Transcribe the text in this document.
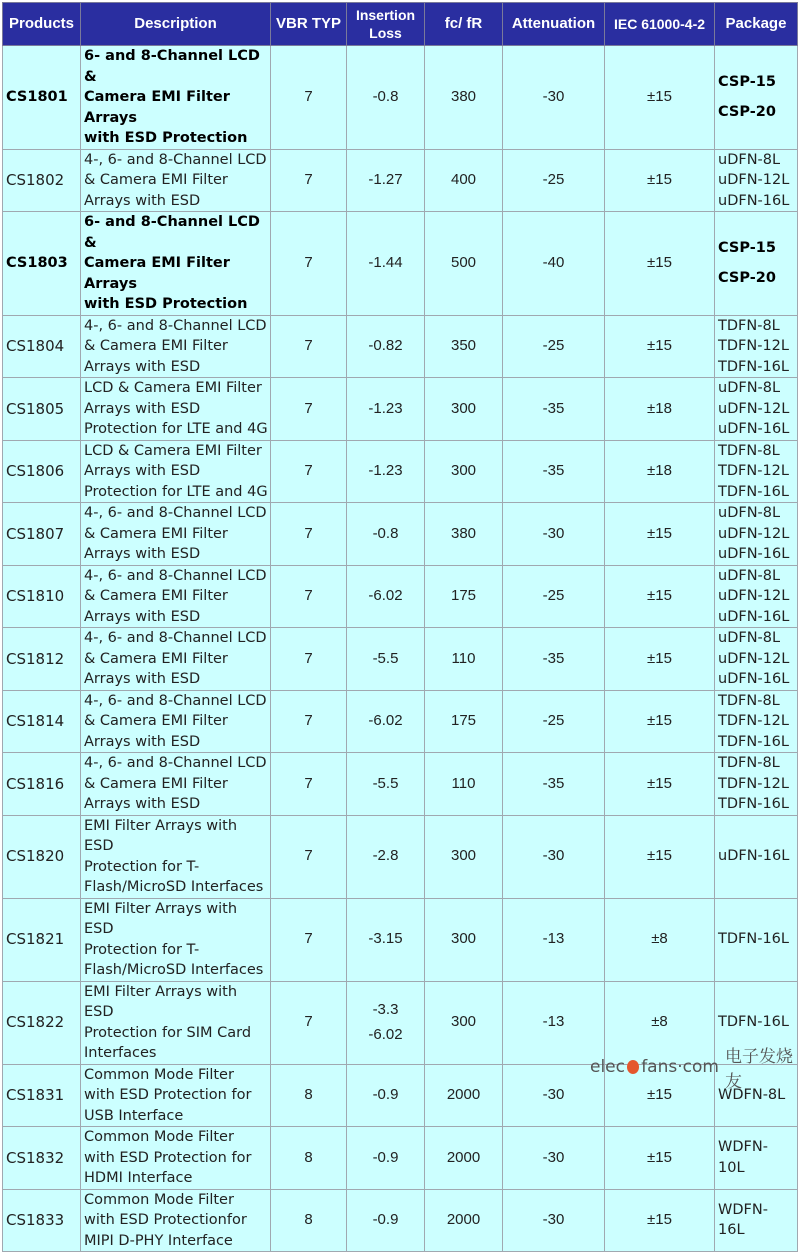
Products	Description	VBR TYP	Insertion Loss	fc/ fR	Attenuation	IEC 61000-4-2	Package
CS1801	6- and 8-Channel LCD &
Camera EMI Filter Arrays
with ESD Protection	7	-0.8	380	-30	±15	CSP-15
CSP-20

CS1802	4-, 6- and 8-Channel LCD
& Camera EMI Filter
Arrays with ESD	7	-1.27	400	-25	±15	uDFN-8L
uDFN-12L
uDFN-16L

CS1803	6- and 8-Channel LCD &
Camera EMI Filter Arrays
with ESD Protection	7	-1.44	500	-40	±15	CSP-15
CSP-20

CS1804	4-, 6- and 8-Channel LCD
& Camera EMI Filter
Arrays with ESD	7	-0.82	350	-25	±15	TDFN-8L
TDFN-12L
TDFN-16L

CS1805	LCD & Camera EMI Filter
Arrays with ESD
Protection for LTE and 4G	7	-1.23	300	-35	±18	uDFN-8L
uDFN-12L
uDFN-16L

CS1806	LCD & Camera EMI Filter
Arrays with ESD
Protection for LTE and 4G	7	-1.23	300	-35	±18	TDFN-8L
TDFN-12L
TDFN-16L

CS1807	4-, 6- and 8-Channel LCD
& Camera EMI Filter
Arrays with ESD	7	-0.8	380	-30	±15	uDFN-8L
uDFN-12L
uDFN-16L

CS1810	4-, 6- and 8-Channel LCD
& Camera EMI Filter
Arrays with ESD	7	-6.02	175	-25	±15	uDFN-8L
uDFN-12L
uDFN-16L

CS1812	4-, 6- and 8-Channel LCD
& Camera EMI Filter
Arrays with ESD	7	-5.5	110	-35	±15	uDFN-8L
uDFN-12L
uDFN-16L

CS1814	4-, 6- and 8-Channel LCD
& Camera EMI Filter
Arrays with ESD	7	-6.02	175	-25	±15	TDFN-8L
TDFN-12L
TDFN-16L

CS1816	4-, 6- and 8-Channel LCD
& Camera EMI Filter
Arrays with ESD	7	-5.5	110	-35	±15	TDFN-8L
TDFN-12L
TDFN-16L

CS1820	EMI Filter Arrays with ESD
Protection for T-
Flash/MicroSD Interfaces	7	-2.8	300	-30	±15	uDFN-16L

CS1821	EMI Filter Arrays with ESD
Protection for T-
Flash/MicroSD Interfaces	7	-3.15	300	-13	±8	TDFN-16L

CS1822	EMI Filter Arrays with ESD
Protection for SIM Card
Interfaces	7	-3.3
-6.02	300	-13	±8	TDFN-16L

CS1831	Common Mode Filter
with ESD Protection for
USB Interface	8	-0.9	2000	-30	±15	WDFN-8L

CS1832	Common Mode Filter
with ESD Protection for
HDMI Interface	8	-0.9	2000	-30	±15	WDFN-
10L

CS1833	Common Mode Filter
with ESD Protectionfor
MIPI D-PHY Interface	8	-0.9	2000	-30	±15	WDFN-
16L
elec fans ·com 电子发烧友
